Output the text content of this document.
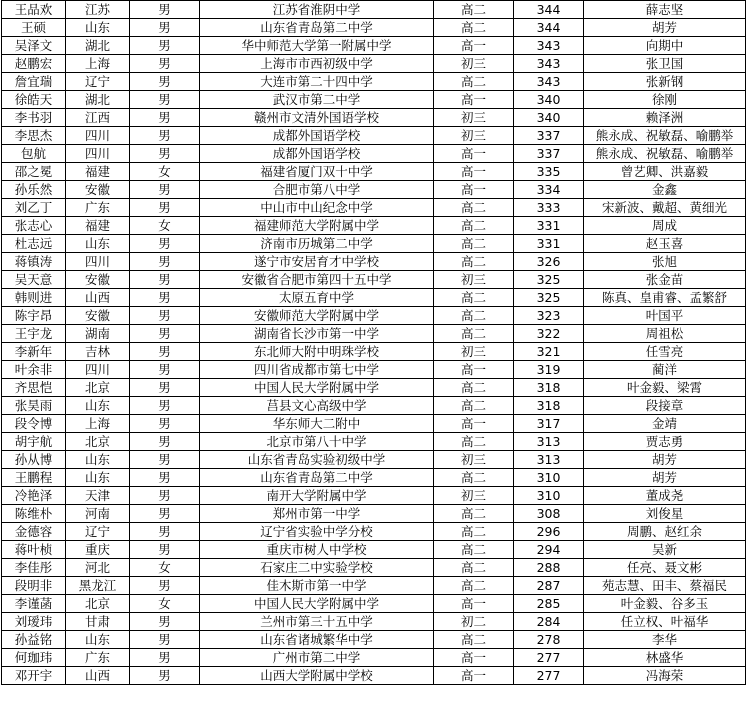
王品欢	江苏	男	江苏省淮阴中学	高二	344	薛志坚
王硕	山东	男	山东省青岛第二中学	高二	344	胡芳
吴泽文	湖北	男	华中师范大学第一附属中学	高一	343	向期中
赵鹏宏	上海	男	上海市市西初级中学	初三	343	张卫国
詹宜瑞	辽宁	男	大连市第二十四中学	高二	343	张新钢
徐皓天	湖北	男	武汉市第二中学	高一	340	徐刚
李书羽	江西	男	赣州市文清外国语学校	初三	340	赖泽洲
李思杰	四川	男	成都外国语学校	初三	337	熊永成、祝敏磊、喻鹏举
包航	四川	男	成都外国语学校	高一	337	熊永成、祝敏磊、喻鹏举
邵之冕	福建	女	福建省厦门双十中学	高一	335	曾艺卿、洪嘉毅
孙乐然	安徽	男	合肥市第八中学	高一	334	金鑫
刘乙丁	广东	男	中山市中山纪念中学	高二	333	宋新波、戴超、黄细光
张志心	福建	女	福建师范大学附属中学	高二	331	周成
杜志远	山东	男	济南市历城第二中学	高二	331	赵玉喜
蒋镇涛	四川	男	遂宁市安居育才中学校	高二	326	张旭
吴天意	安徽	男	安徽省合肥市第四十五中学	初三	325	张金苗
韩则进	山西	男	太原五育中学	高二	325	陈真、皇甫睿、孟繁舒
陈宇昂	安徽	男	安徽师范大学附属中学	高二	323	叶国平
王宇龙	湖南	男	湖南省长沙市第一中学	高二	322	周祖松
李新年	吉林	男	东北师大附中明珠学校	初三	321	任雪亮
叶余非	四川	男	四川省成都市第七中学	高一	319	蔺洋
齐思恺	北京	男	中国人民大学附属中学	高二	318	叶金毅、梁霄
张昊雨	山东	男	莒县文心高级中学	高二	318	段接章
段令博	上海	男	华东师大二附中	高一	317	金靖
胡宇航	北京	男	北京市第八十中学	高二	313	贾志勇
孙从博	山东	男	山东省青岛实验初级中学	初三	313	胡芳
王鹏程	山东	男	山东省青岛第二中学	高二	310	胡芳
冷艳泽	天津	男	南开大学附属中学	初三	310	董成尧
陈维朴	河南	男	郑州市第一中学	高二	308	刘俊星
金德容	辽宁	男	辽宁省实验中学分校	高二	296	周鹏、赵红余
蒋叶桢	重庆	男	重庆市树人中学校	高二	294	吴新
李佳彤	河北	女	石家庄二中实验学校	高二	288	任亮、聂文彬
段明非	黑龙江	男	佳木斯市第一中学	高二	287	苑志慧、田丰、蔡福民
李谨菡	北京	女	中国人民大学附属中学	高一	285	叶金毅、谷多玉
刘瑷玮	甘肃	男	兰州市第三十五中学	初二	284	任立权、叶福华
孙益铭	山东	男	山东省诸城繁华中学	高二	278	李华
何珈玮	广东	男	广州市第二中学	高一	277	林盛华
邓开宇	山西	男	山西大学附属中学校	高一	277	冯海荣
